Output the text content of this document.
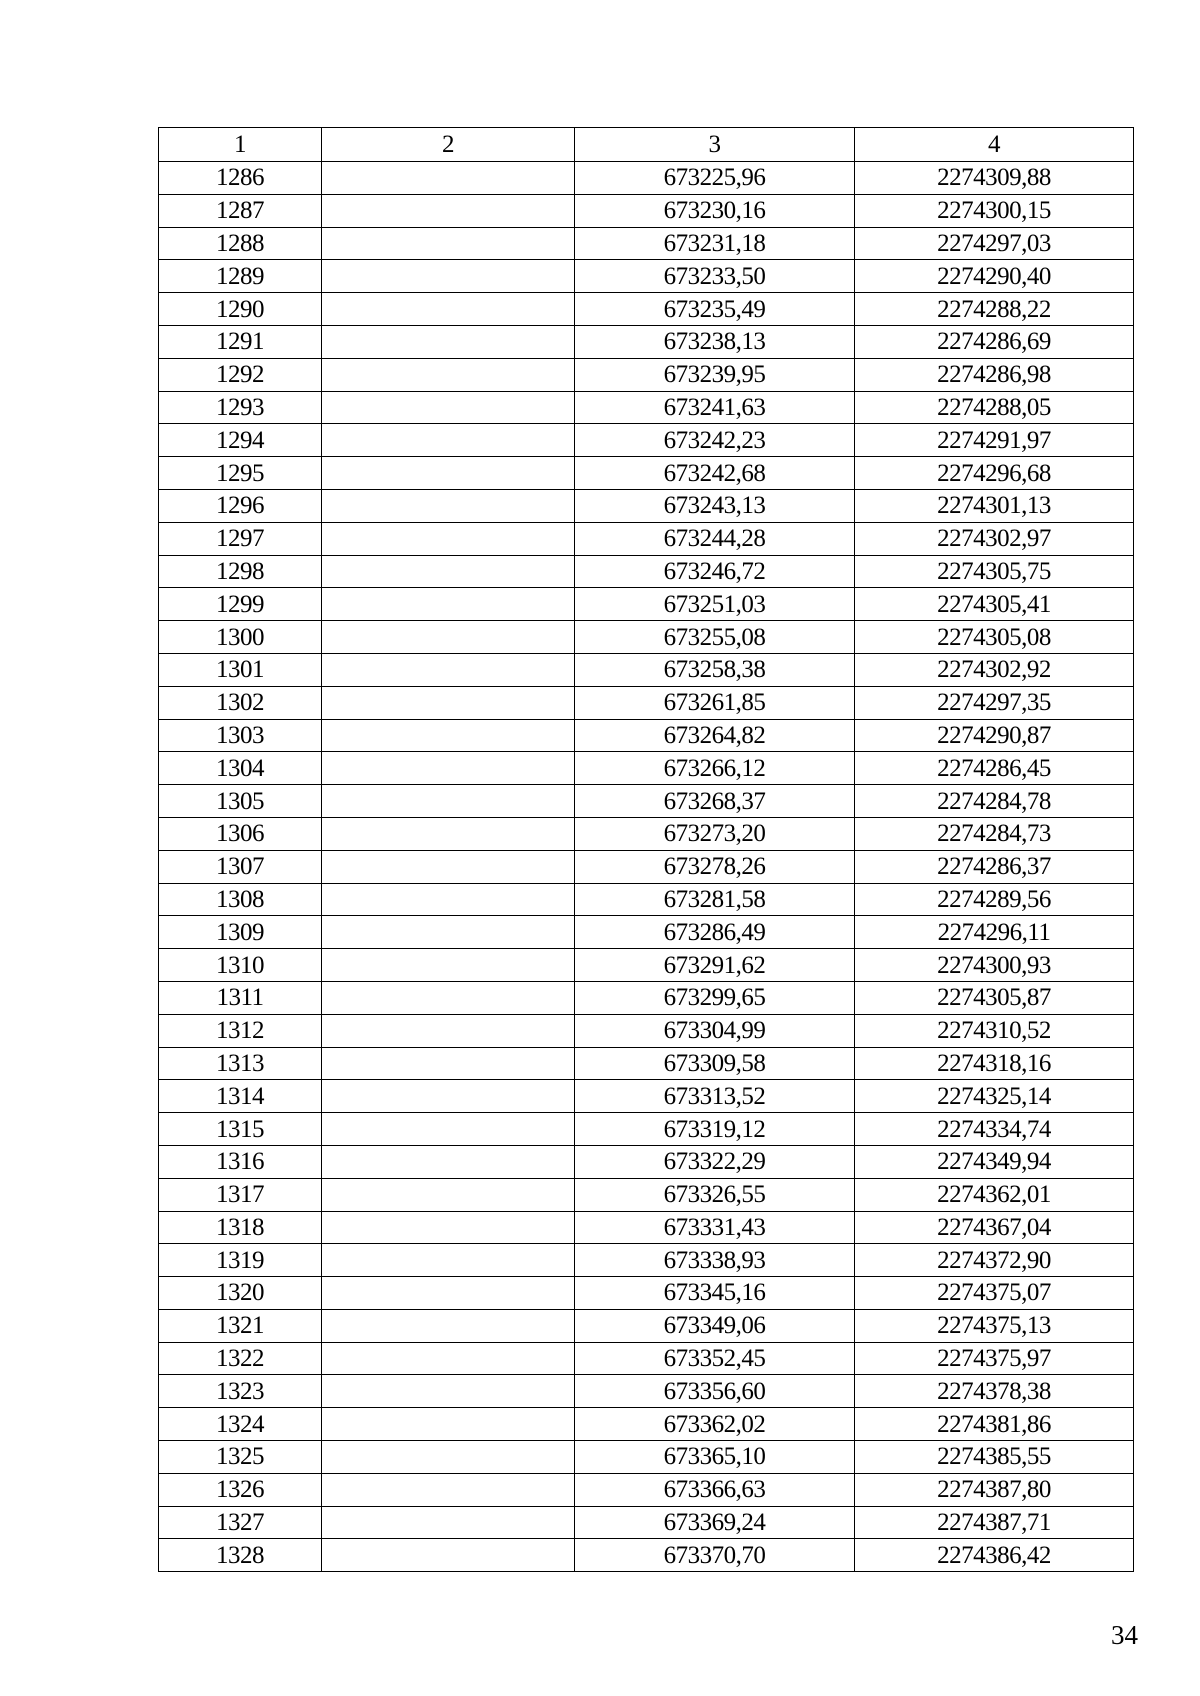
1	2	3	4
1286		673225,96	2274309,88
1287		673230,16	2274300,15
1288		673231,18	2274297,03
1289		673233,50	2274290,40
1290		673235,49	2274288,22
1291		673238,13	2274286,69
1292		673239,95	2274286,98
1293		673241,63	2274288,05
1294		673242,23	2274291,97
1295		673242,68	2274296,68
1296		673243,13	2274301,13
1297		673244,28	2274302,97
1298		673246,72	2274305,75
1299		673251,03	2274305,41
1300		673255,08	2274305,08
1301		673258,38	2274302,92
1302		673261,85	2274297,35
1303		673264,82	2274290,87
1304		673266,12	2274286,45
1305		673268,37	2274284,78
1306		673273,20	2274284,73
1307		673278,26	2274286,37
1308		673281,58	2274289,56
1309		673286,49	2274296,11
1310		673291,62	2274300,93
1311		673299,65	2274305,87
1312		673304,99	2274310,52
1313		673309,58	2274318,16
1314		673313,52	2274325,14
1315		673319,12	2274334,74
1316		673322,29	2274349,94
1317		673326,55	2274362,01
1318		673331,43	2274367,04
1319		673338,93	2274372,90
1320		673345,16	2274375,07
1321		673349,06	2274375,13
1322		673352,45	2274375,97
1323		673356,60	2274378,38
1324		673362,02	2274381,86
1325		673365,10	2274385,55
1326		673366,63	2274387,80
1327		673369,24	2274387,71
1328		673370,70	2274386,42
34
